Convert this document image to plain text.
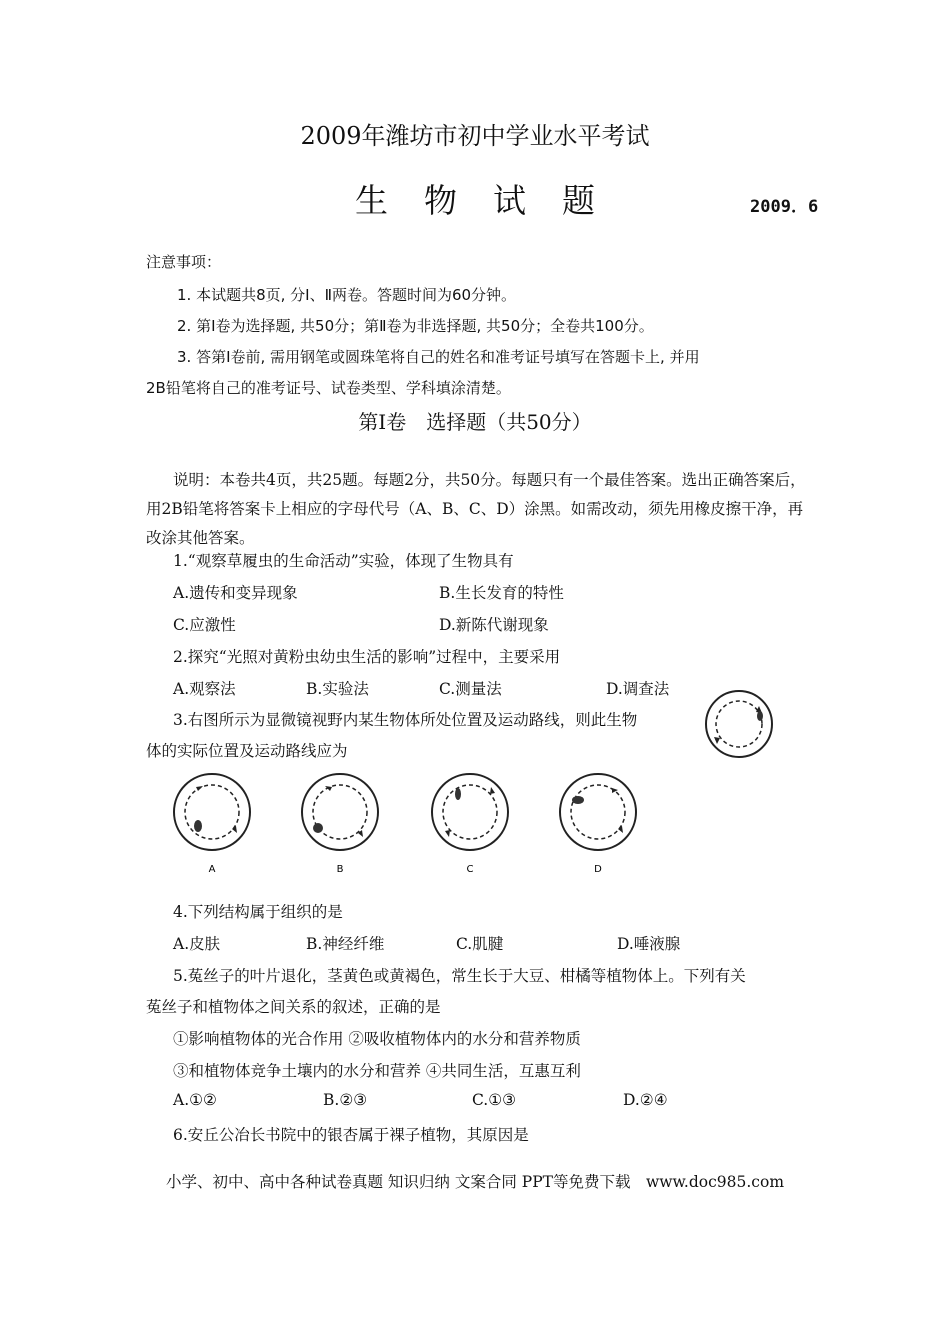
2009年潍坊市初中学业水平考试
生物试题	2009．6
注意事项：
1. 本试题共8页, 分Ⅰ、Ⅱ两卷。答题时间为60分钟。
2. 第Ⅰ卷为选择题, 共50分；第Ⅱ卷为非选择题, 共50分；全卷共100分。
3. 答第Ⅰ卷前, 需用钢笔或圆珠笔将自己的姓名和准考证号填写在答题卡上, 并用
2B铅笔将自己的准考证号、试卷类型、学科填涂清楚。
第Ⅰ卷　选择题（共50分）
说明：本卷共4页，共25题。每题2分，共50分。每题只有一个最佳答案。选出正确答案后，用2B铅笔将答案卡上相应的字母代号（A、B、C、D）涂黑。如需改动，须先用橡皮擦干净，再改涂其他答案。
1.“观察草履虫的生命活动”实验，体现了生物具有
A.遗传和变异现象	B.生长发育的特性
C.应激性	D.新陈代谢现象
2.探究“光照对黄粉虫幼虫生活的影响”过程中，主要采用
A.观察法	B.实验法	C.测量法	D.调查法
3.右图所示为显微镜视野内某生物体所处位置及运动路线，则此生物
体的实际位置及运动路线应为
A	B	C	D
4.下列结构属于组织的是
A.皮肤	B.神经纤维	C.肌腱	D.唾液腺
5.菟丝子的叶片退化，茎黄色或黄褐色，常生长于大豆、柑橘等植物体上。下列有关
菟丝子和植物体之间关系的叙述，正确的是
①影响植物体的光合作用 ②吸收植物体内的水分和营养物质
③和植物体竞争土壤内的水分和营养 ④共同生活，互惠互利
A.①②	B.②③	C.①③	D.②④
6.安丘公冶长书院中的银杏属于裸子植物，其原因是
小学、初中、高中各种试卷真题 知识归纳 文案合同 PPT等免费下载　www.doc985.com
